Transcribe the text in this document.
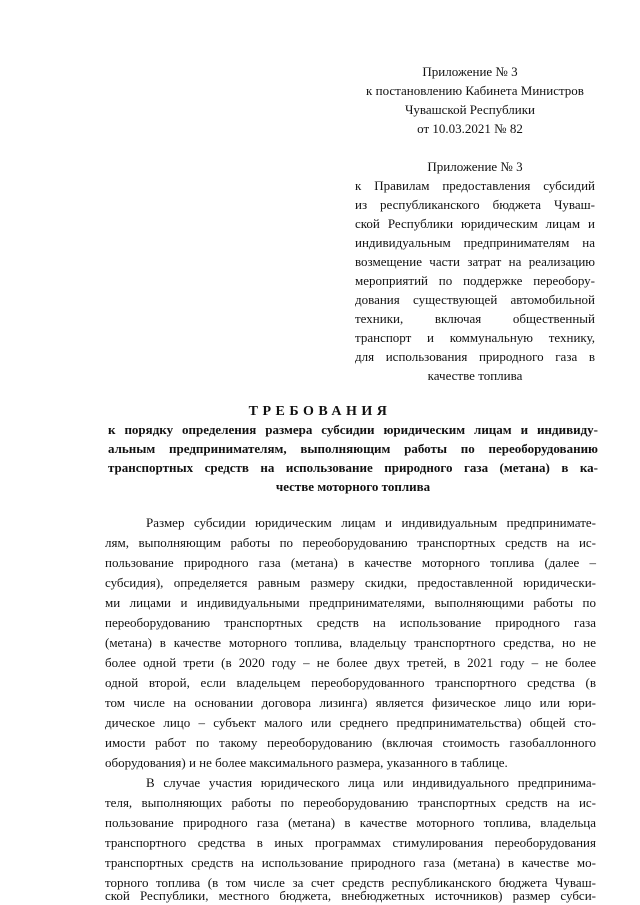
Приложение № 3
к постановлению Кабинета Министров
Чувашской Республики
от 10.03.2021 № 82
Приложение № 3
к Правилам предоставления субсидий
из республиканского бюджета Чуваш-
ской Республики юридическим лицам и
индивидуальным предпринимателям на
возмещение части затрат на реализацию
мероприятий по поддержке переобору-
дования существующей автомобильной
техники, включая общественный
транспорт и коммунальную технику,
для использования природного газа в
качестве топлива
ТРЕБОВАНИЯ
к порядку определения размера субсидии юридическим лицам и индивиду-
альным предпринимателям, выполняющим работы по переоборудованию
транспортных средств на использование природного газа (метана) в ка-
честве моторного топлива
Размер субсидии юридическим лицам и индивидуальным предпринимате-
лям, выполняющим работы по переоборудованию транспортных средств на ис-
пользование природного газа (метана) в качестве моторного топлива (далее –
субсидия), определяется равным размеру скидки, предоставленной юридически-
ми лицами и индивидуальными предпринимателями, выполняющими работы по
переоборудованию транспортных средств на использование природного газа
(метана) в качестве моторного топлива, владельцу транспортного средства, но не
более одной трети (в 2020 году – не более двух третей, в 2021 году – не более
одной второй, если владельцем переоборудованного транспортного средства (в
том числе на основании договора лизинга) является физическое лицо или юри-
дическое лицо – субъект малого или среднего предпринимательства) общей сто-
имости работ по такому переоборудованию (включая стоимость газобаллонного
оборудования) и не более максимального размера, указанного в таблице.
В случае участия юридического лица или индивидуального предпринима-
теля, выполняющих работы по переоборудованию транспортных средств на ис-
пользование природного газа (метана) в качестве моторного топлива, владельца
транспортного средства в иных программах стимулирования переоборудования
транспортных средств на использование природного газа (метана) в качестве мо-
торного топлива (в том числе за счет средств республиканского бюджета Чуваш-
ской Республики, местного бюджета, внебюджетных источников) размер субси-
